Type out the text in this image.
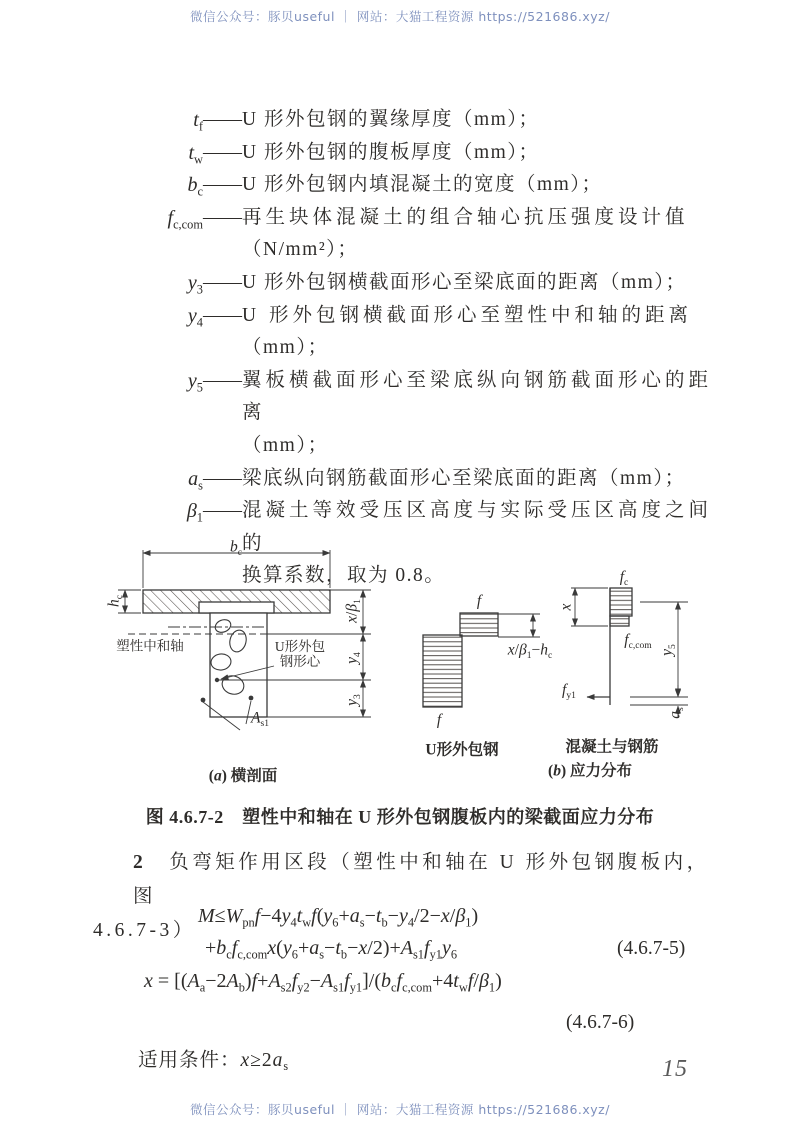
微信公众号：豚贝useful ｜ 网站：大猫工程资源 https://521686.xyz/
$t_f$ —— U 形外包钢的翼缘厚度（mm）；
$t_w$ —— U 形外包钢的腹板厚度（mm）；
$b_c$ —— U 形外包钢内填混凝土的宽度（mm）；
$f_{c,com}$ —— 再生块体混凝土的组合轴心抗压强度设计值
（N/mm²）；
$y_3$ —— U 形外包钢横截面形心至梁底面的距离（mm）；
$y_4$ —— U 形外包钢横截面形心至塑性中和轴的距离
（mm）；
$y_5$ —— 翼板横截面形心至梁底纵向钢筋截面形心的距离
（mm）；
$a_s$ —— 梁底纵向钢筋截面形心至梁底面的距离（mm）；
$\beta_1$ —— 混凝土等效受压区高度与实际受压区高度之间的
换算系数，取为 0.8。
$b_c$
$h_c$
塑性中和轴	U形外包
钢形心
$A_{s1}$
$x/\beta_1$
$y_4$
$y_3$
(a) 横剖面
f
f
$x/\beta_1-h_c$
U形外包钢
$f_c$
x
$f_{c,com}$
$f_{y1}$
$y_5$
$a_s$
混凝土与钢筋
(b) 应力分布
图 4.6.7-2　塑性中和轴在 U 形外包钢腹板内的梁截面应力分布
2　 负弯矩作用区段（塑性中和轴在 U 形外包钢腹板内，图
4.6.7-3）
$M\le W_{pn}f-4y_4t_wf(y_6+a_s-t_b-y_4/2-x/\beta_1)$
$+b_cf_{c,com}x(y_6+a_s-t_b-x/2)+A_{s1}f_{y1}y_6$	(4.6.7-5)
$x = [(A_a-2A_b)f+A_{s2}f_{y2}-A_{s1}f_{y1}]/(b_cf_{c,com}+4t_wf/\beta_1)$
(4.6.7-6)
适用条件：$x\ge 2a_s$	15
微信公众号：豚贝useful ｜ 网站：大猫工程资源 https://521686.xyz/
